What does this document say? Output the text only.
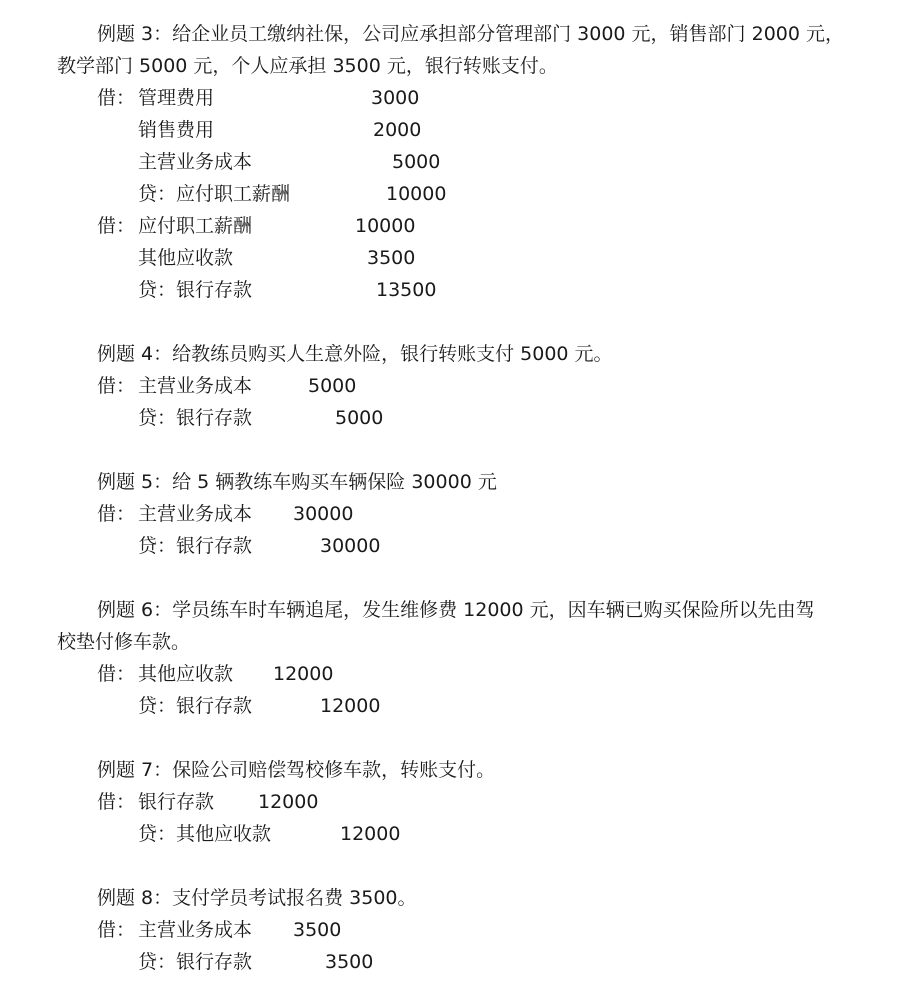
例题 3：给企业员工缴纳社保，公司应承担部分管理部门 3000 元，销售部门 2000 元，
教学部门 5000 元，个人应承担 3500 元，银行转账支付。
借： 管理费用	3000
销售费用	2000
主营业务成本	5000
贷：应付职工薪酬	10000
借： 应付职工薪酬	10000
其他应收款	3500
贷：银行存款	13500
例题 4：给教练员购买人生意外险，银行转账支付 5000 元。
借： 主营业务成本	5000
贷：银行存款	5000
例题 5：给 5 辆教练车购买车辆保险 30000 元
借： 主营业务成本 30000
贷：银行存款	30000
例题 6：学员练车时车辆追尾，发生维修费 12000 元，因车辆已购买保险所以先由驾
校垫付修车款。
借： 其他应收款 12000
贷：银行存款	12000
例题 7：保险公司赔偿驾校修车款，转账支付。
借： 银行存款 12000
贷：其他应收款	12000
例题 8：支付学员考试报名费 3500。
借： 主营业务成本 3500
贷：银行存款	3500
